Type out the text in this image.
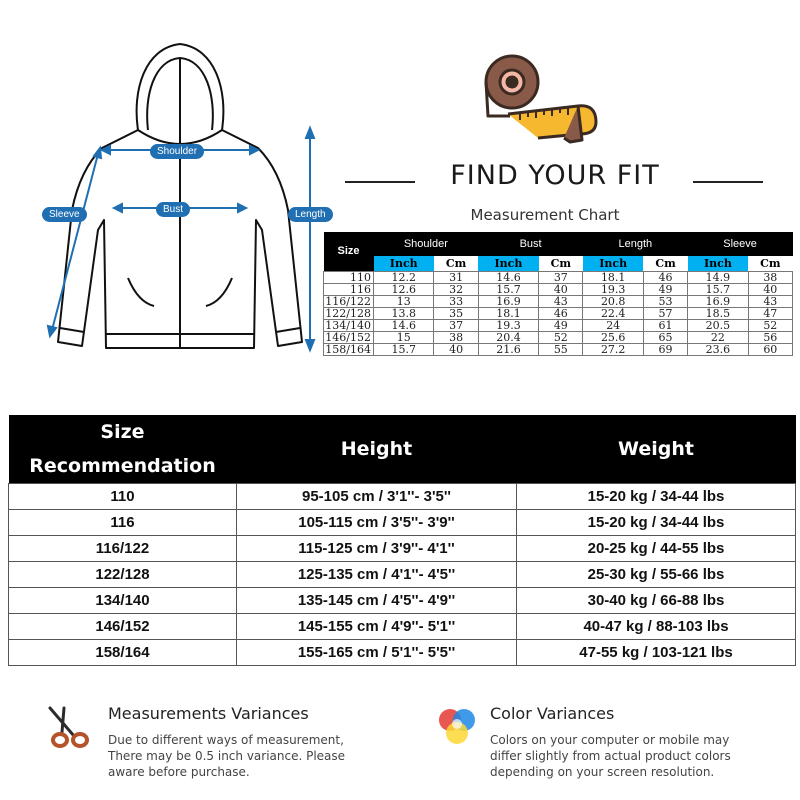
Shoulder
Bust
Sleeve	Length
FIND YOUR FIT
Measurement Chart
Size	Shoulder		Bust		Length		Sleeve	
	Inch	Cm	Inch	Cm	Inch	Cm	Inch	Cm
110	12.2	31	14.6	37	18.1	46	14.9	38
116	12.6	32	15.7	40	19.3	49	15.7	40
116/122	13	33	16.9	43	20.8	53	16.9	43
122/128	13.8	35	18.1	46	22.4	57	18.5	47
134/140	14.6	37	19.3	49	24	61	20.5	52
146/152	15	38	20.4	52	25.6	65	22	56
158/164	15.7	40	21.6	55	27.2	69	23.6	60
Size
Recommendation	Height	Weight
110	95-105 cm / 3'1''- 3'5''	15-20 kg / 34-44 lbs
116	105-115 cm / 3'5''- 3'9''	15-20 kg / 34-44 lbs
116/122	115-125 cm / 3'9''- 4'1''	20-25 kg / 44-55 lbs
122/128	125-135 cm / 4'1''- 4'5''	25-30 kg / 55-66 lbs
134/140	135-145 cm / 4'5''- 4'9''	30-40 kg / 66-88 lbs
146/152	145-155 cm / 4'9''- 5'1''	40-47 kg / 88-103 lbs
158/164	155-165 cm / 5'1''- 5'5''	47-55 kg / 103-121 lbs
Measurements Variances
Due to different ways of measurement,
There may be 0.5 inch variance. Please
aware before purchase.
Color Variances
Colors on your computer or mobile may
differ slightly from actual product colors
depending on your screen resolution.
